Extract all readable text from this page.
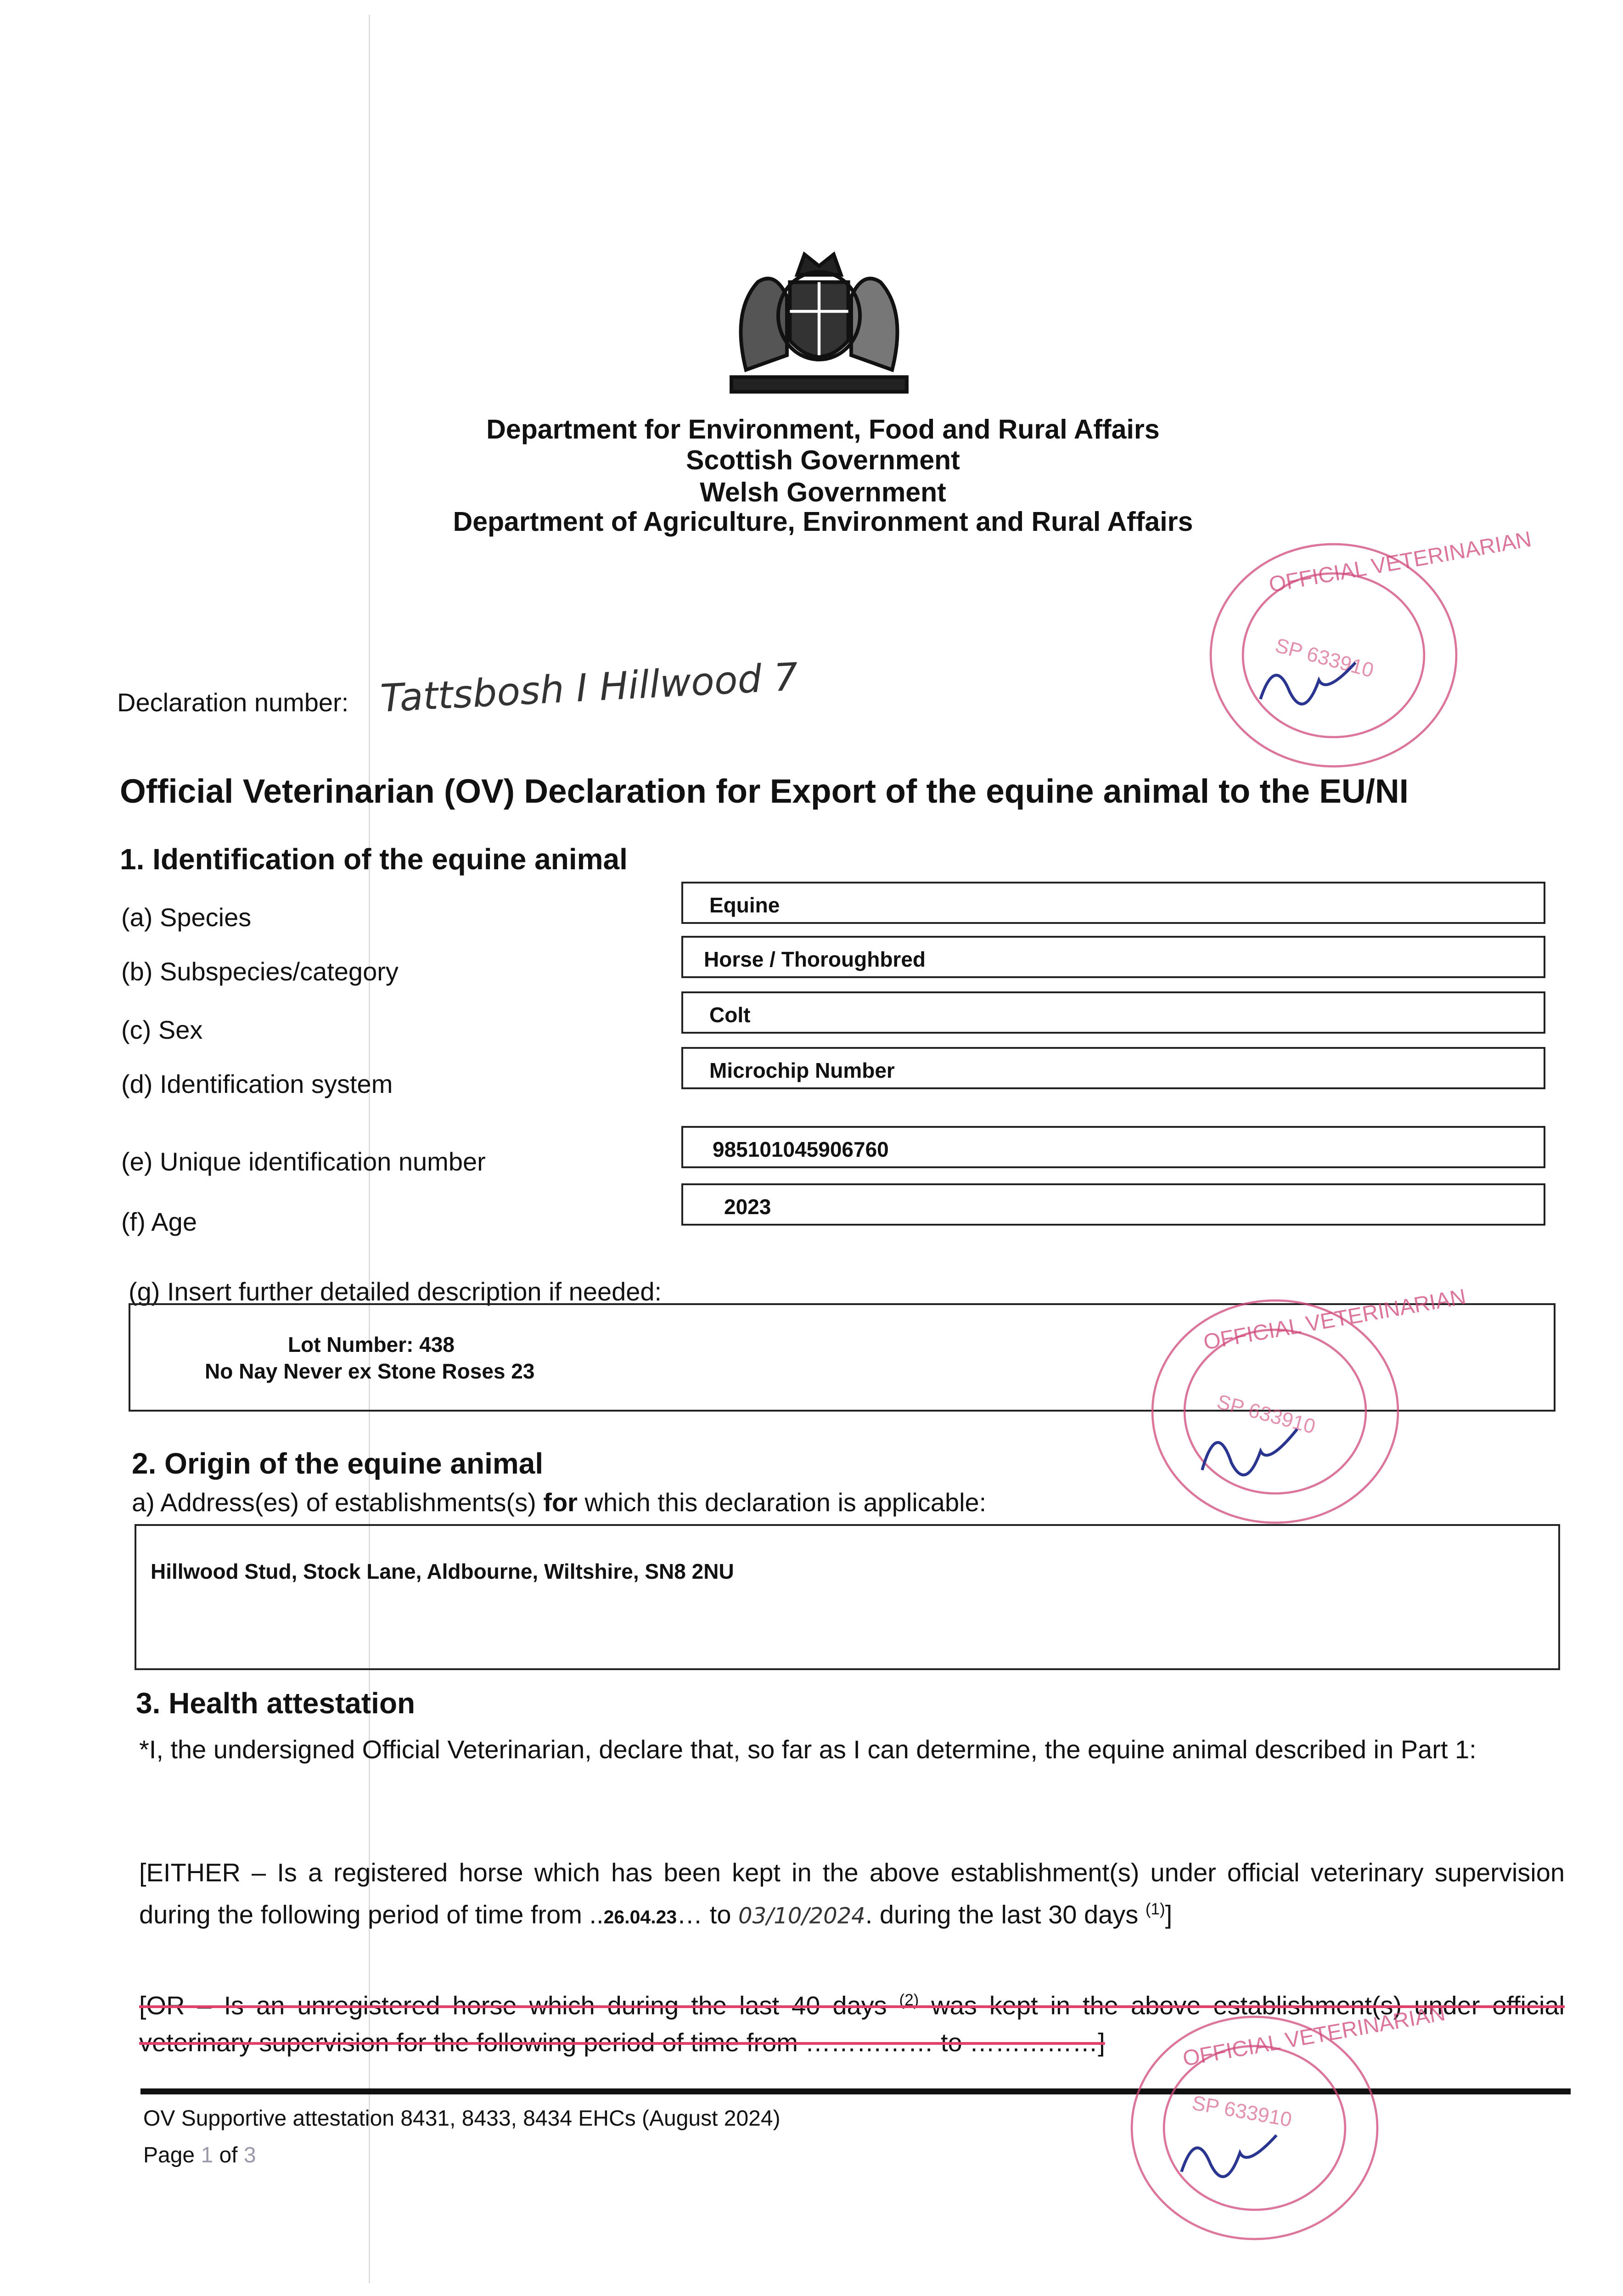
Department for Environment, Food and Rural Affairs
Scottish Government
Welsh Government
Department of Agriculture, Environment and Rural Affairs
Declaration number: Tattsbosh I Hillwood 7
Official Veterinarian (OV) Declaration for Export of the equine animal to the EU/NI
1. Identification of the equine animal
(a) Species
(b) Subspecies/category
(c) Sex
(d) Identification system
(e) Unique identification number
(f) Age
Equine
Horse / Thoroughbred
Colt
Microchip Number
985101045906760
2023
(g) Insert further detailed description if needed:
Lot Number: 438
No Nay Never ex Stone Roses 23
2. Origin of the equine animal
a) Address(es) of establishments(s) for which this declaration is applicable:
Hillwood Stud, Stock Lane, Aldbourne, Wiltshire, SN8 2NU
3. Health attestation
*I, the undersigned Official Veterinarian, declare that, so far as I can determine, the equine animal described in Part 1:
[EITHER – Is a registered horse which has been kept in the above establishment(s) under official veterinary supervision during the following period of time from ..26.04.23… to 03/10/2024. during the last 30 days $^{(1)}$]
[OR – Is an unregistered horse which during the last 40 days $^{(2)}$ was kept in the above establishment(s) under official veterinary supervision for the following period of time from …………… to ……………]
OV Supportive attestation 8431, 8433, 8434 EHCs (August 2024)
Page 1 of 3
OFFICIAL VETERINARIAN
SP 633910
OFFICIAL VETERINARIAN
SP 633910
OFFICIAL VETERINARIAN
SP 633910
